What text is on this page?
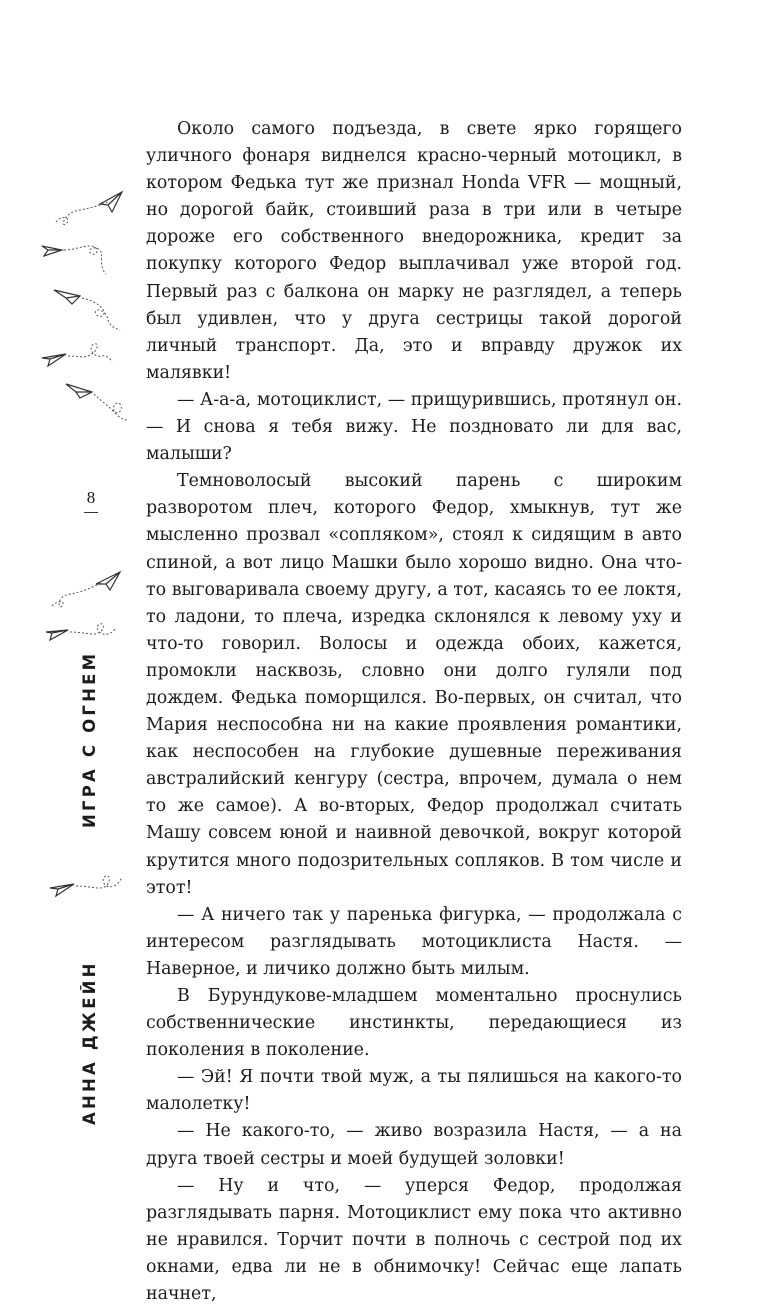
8
ИГРА С ОГНЕМ
АННА ДЖЕЙН

Около самого подъезда, в свете ярко горящего уличного фонаря виднелся красно-черный мотоцикл, в котором Федька тут же признал Honda VFR — мощный, но дорогой байк, стоивший раза в три или в четыре дороже его собственного внедорожника, кредит за покупку которого Федор выплачивал уже второй год. Первый раз с балкона он марку не разглядел, а теперь был удивлен, что у друга сестрицы такой дорогой личный транспорт. Да, это и вправду дружок их малявки!

— А-а-а, мотоциклист, — прищурившись, протянул он. — И снова я тебя вижу. Не поздновато ли для вас, малыши?

Темноволосый высокий парень с широким разворотом плеч, которого Федор, хмыкнув, тут же мысленно прозвал «сопляком», стоял к сидящим в авто спиной, а вот лицо Машки было хорошо видно. Она что-то выговаривала своему другу, а тот, касаясь то ее локтя, то ладони, то плеча, изредка склонялся к левому уху и что-то говорил. Волосы и одежда обоих, кажется, промокли насквозь, словно они долго гуляли под дождем. Федька поморщился. Во-первых, он считал, что Мария неспособна ни на какие проявления романтики, как неспособен на глубокие душевные переживания австралийский кенгуру (сестра, впрочем, думала о нем то же самое). А во-вторых, Федор продолжал считать Машу совсем юной и наивной девочкой, вокруг которой крутится много подозрительных сопляков. В том числе и этот!

— А ничего так у паренька фигурка, — продолжала с интересом разглядывать мотоциклиста Настя. — Наверное, и личико должно быть милым.

В Бурундукове-младшем моментально проснулись собственнические инстинкты, передающиеся из поколения в поколение.

— Эй! Я почти твой муж, а ты пялишься на какого-то малолетку!

— Не какого-то, — живо возразила Настя, — а на друга твоей сестры и моей будущей золовки!

— Ну и что, — уперся Федор, продолжая разглядывать парня. Мотоциклист ему пока что активно не нравился. Торчит почти в полночь с сестрой под их окнами, едва ли не в обнимочку! Сейчас еще лапать начнет,
